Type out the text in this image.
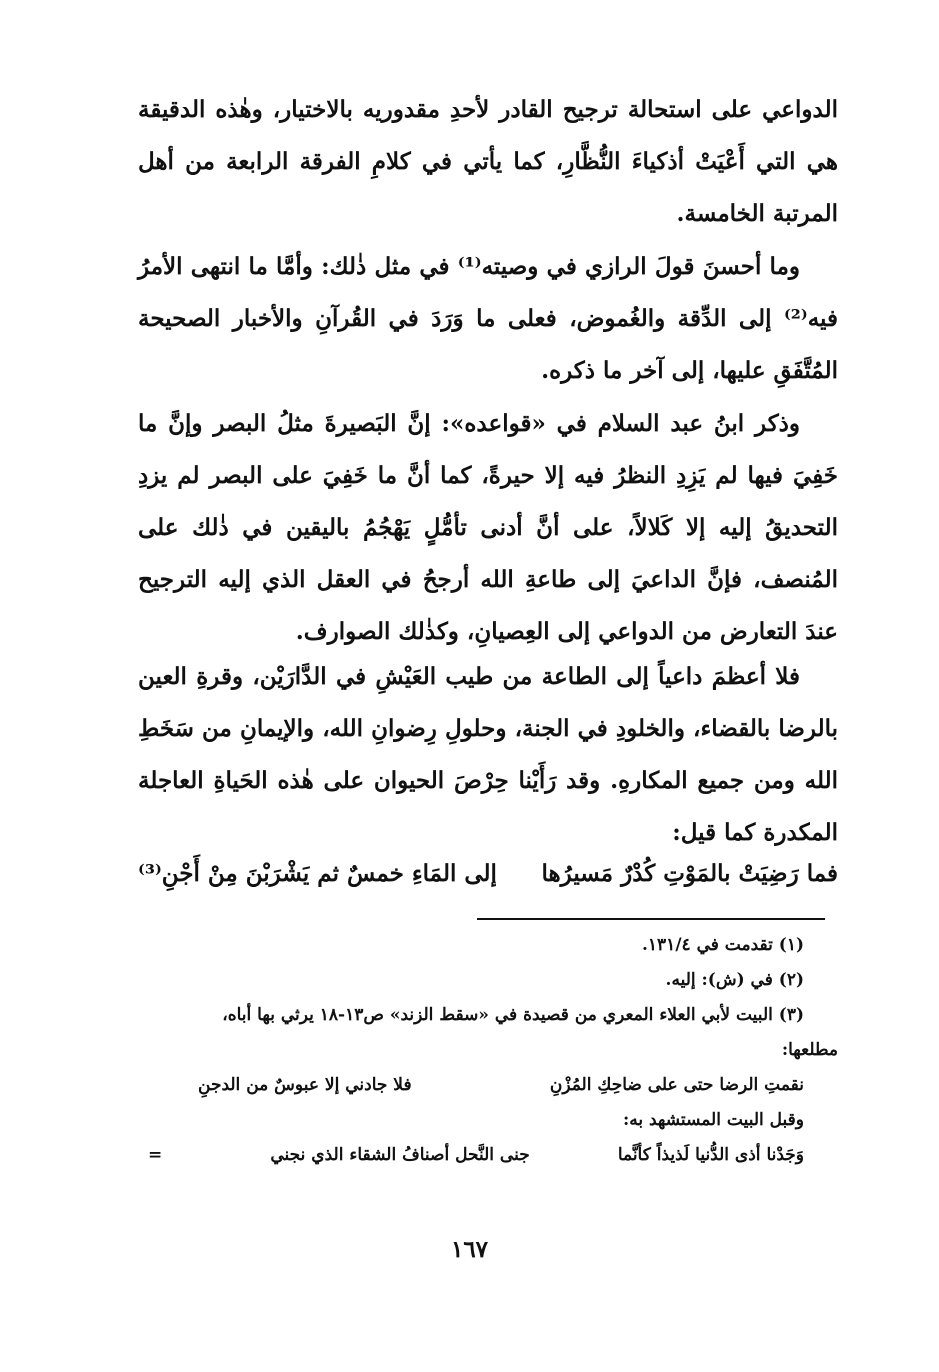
الدواعي على استحالة ترجيح القادر لأحدِ مقدوريه بالاختيار، وهٰذه الدقيقة هي التي أَعْيَتْ أذكياءَ النُّظَّارِ، كما يأتي في كلامِ الفرقة الرابعة من أهل المرتبة الخامسة.

وما أحسنَ قولَ الرازي في وصيته⁽¹⁾ في مثل ذٰلك: وأمَّا ما انتهى الأمرُ فيه⁽²⁾ إلى الدِّقة والغُموض، فعلى ما وَرَدَ في القُرآنِ والأخبار الصحيحة المُتَّفَقِ عليها، إلى آخر ما ذكره.

وذكر ابنُ عبد السلام في «قواعده»: إنَّ البَصيرةَ مثلُ البصر وإنَّ ما خَفِيَ فيها لم يَزِدِ النظرُ فيه إلا حيرةً، كما أنَّ ما خَفِيَ على البصر لم يزدِ التحديقُ إليه إلا كَلالاً، على أنَّ أدنى تأمُّلٍ يَهْجُمُ باليقين في ذٰلك على المُنصف، فإنَّ الداعيَ إلى طاعةِ الله أرجحُ في العقل الذي إليه الترجيح عندَ التعارض من الدواعي إلى العِصيانِ، وكذٰلك الصوارف.

فلا أعظمَ داعياً إلى الطاعة من طيب العَيْشِ في الدَّارَيْن، وقرةِ العين بالرضا بالقضاء، والخلودِ في الجنة، وحلولِ رِضوانِ الله، والإيمانِ من سَخَطِ الله ومن جميع المكارهِ. وقد رَأَيْنا حِرْصَ الحيوان على هٰذه الحَياةِ العاجلة المكدرة كما قيل:

فما رَضِيَتْ بالمَوْتِ كُدْرٌ مَسيرُها
إلى المَاءِ خمسٌ ثم يَشْرَبْنَ مِنْ أَجْنِ⁽³⁾

(١) تقدمت في ١٣١/٤.

(٢) في (ش): إليه.

(٣) البيت لأبي العلاء المعري من قصيدة في «سقط الزند» ص١٣-١٨ يرثي بها أباه،

مطلعها:

نقمتِ الرضا حتى على ضاحِكِ المُزْنِ
فلا جادني إلا عبوسٌ من الدجنِ

وقبل البيت المستشهد به:

وَجَدْنا أذى الدُّنيا لَذيذاً كأنَّما
جنى النَّحل أصنافُ الشقاء الذي نجني
=
١٦٧
